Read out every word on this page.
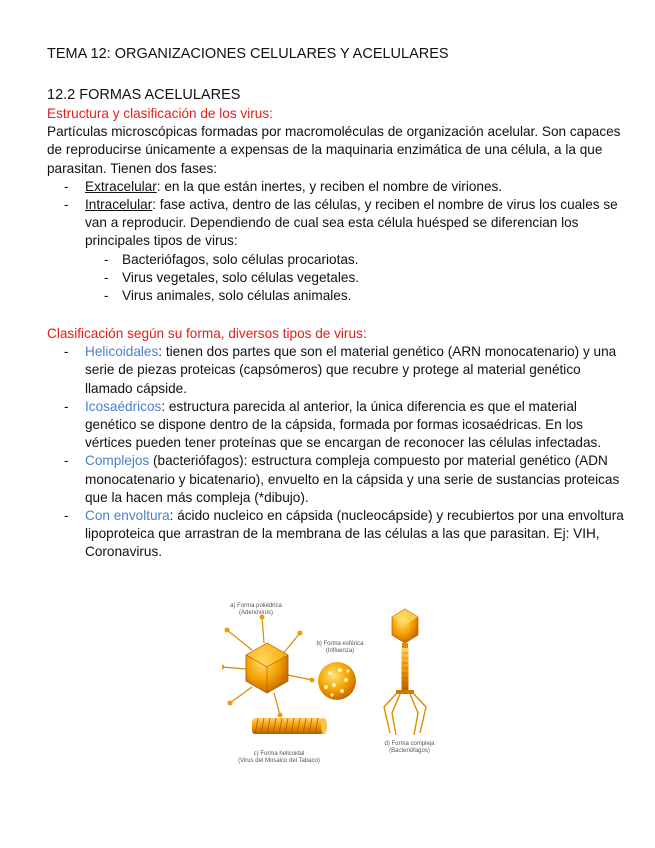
TEMA 12: ORGANIZACIONES CELULARES Y ACELULARES
12.2 FORMAS ACELULARES
Estructura y clasificación de los virus:
Partículas microscópicas formadas por macromoléculas de organización acelular. Son capaces de reproducirse únicamente a expensas de la maquinaria enzimática de una célula, a la que parasitan. Tienen dos fases:
- Extracelular: en la que están inertes, y reciben el nombre de viriones.
- Intracelular: fase activa, dentro de las células, y reciben el nombre de virus los cuales se van a reproducir. Dependiendo de cual sea esta célula huésped se diferencian los principales tipos de virus:
- Bacteriófagos, solo células procariotas.
- Virus vegetales, solo células vegetales.
- Virus animales, solo células animales.
Clasificación según su forma, diversos tipos de virus:
- Helicoidales: tienen dos partes que son el material genético (ARN monocatenario) y una serie de piezas proteicas (capsómeros) que recubre y protege al material genético llamado cápside.
- Icosaédricos: estructura parecida al anterior, la única diferencia es que el material genético se dispone dentro de la cápsida, formada por formas icosaédricas. En los vértices pueden tener proteínas que se encargan de reconocer las células infectadas.
- Complejos (bacteriófagos): estructura compleja compuesto por material genético (ADN monocatenario y bicatenario), envuelto en la cápsida y una serie de sustancias proteicas que la hacen más compleja (*dibujo).
- Con envoltura: ácido nucleico en cápsida (nucleocápside) y recubiertos por una envoltura lipoproteica que arrastran de la membrana de las células a las que parasitan. Ej: VIH, Coronavirus.
a) Forma poliédrica
(Adenovirus)
b) Forma esférica
(Influenza)
c) Forma helicoidal
(Virus del Mosaico del Tabaco)
d) Forma compleja
(Bacteriófagos)
